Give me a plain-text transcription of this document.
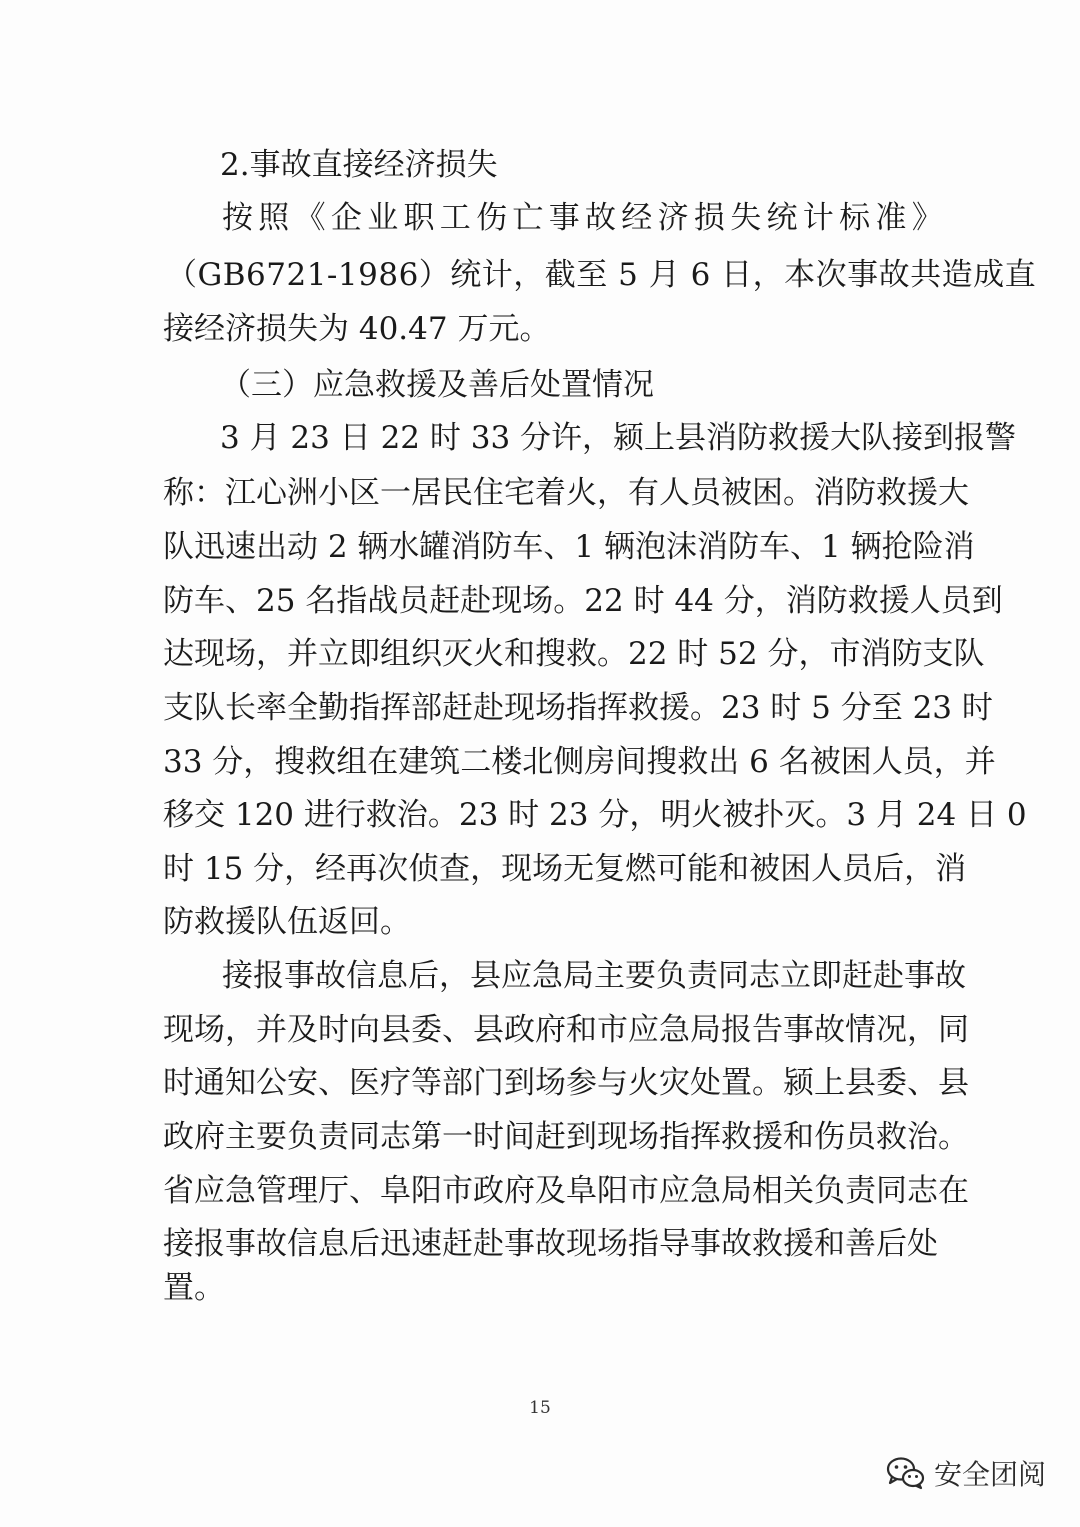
2.事故直接经济损失
按照《企业职工伤亡事故经济损失统计标准》
（GB6721-1986）统计，截至 5 月 6 日，本次事故共造成直
接经济损失为 40.47 万元。
（三）应急救援及善后处置情况
3 月 23 日 22 时 33 分许，颍上县消防救援大队接到报警
称：江心洲小区一居民住宅着火，有人员被困。消防救援大
队迅速出动 2 辆水罐消防车、1 辆泡沫消防车、1 辆抢险消
防车、25 名指战员赶赴现场。22 时 44 分，消防救援人员到
达现场，并立即组织灭火和搜救。22 时 52 分，市消防支队
支队长率全勤指挥部赶赴现场指挥救援。23 时 5 分至 23 时
33 分，搜救组在建筑二楼北侧房间搜救出 6 名被困人员，并
移交 120 进行救治。23 时 23 分，明火被扑灭。3 月 24 日 0
时 15 分，经再次侦查，现场无复燃可能和被困人员后，消
防救援队伍返回。
接报事故信息后，县应急局主要负责同志立即赶赴事故
现场，并及时向县委、县政府和市应急局报告事故情况，同
时通知公安、医疗等部门到场参与火灾处置。颍上县委、县
政府主要负责同志第一时间赶到现场指挥救援和伤员救治。
省应急管理厅、阜阳市政府及阜阳市应急局相关负责同志在
接报事故信息后迅速赶赴事故现场指导事故救援和善后处
置。
15
安全团阅
